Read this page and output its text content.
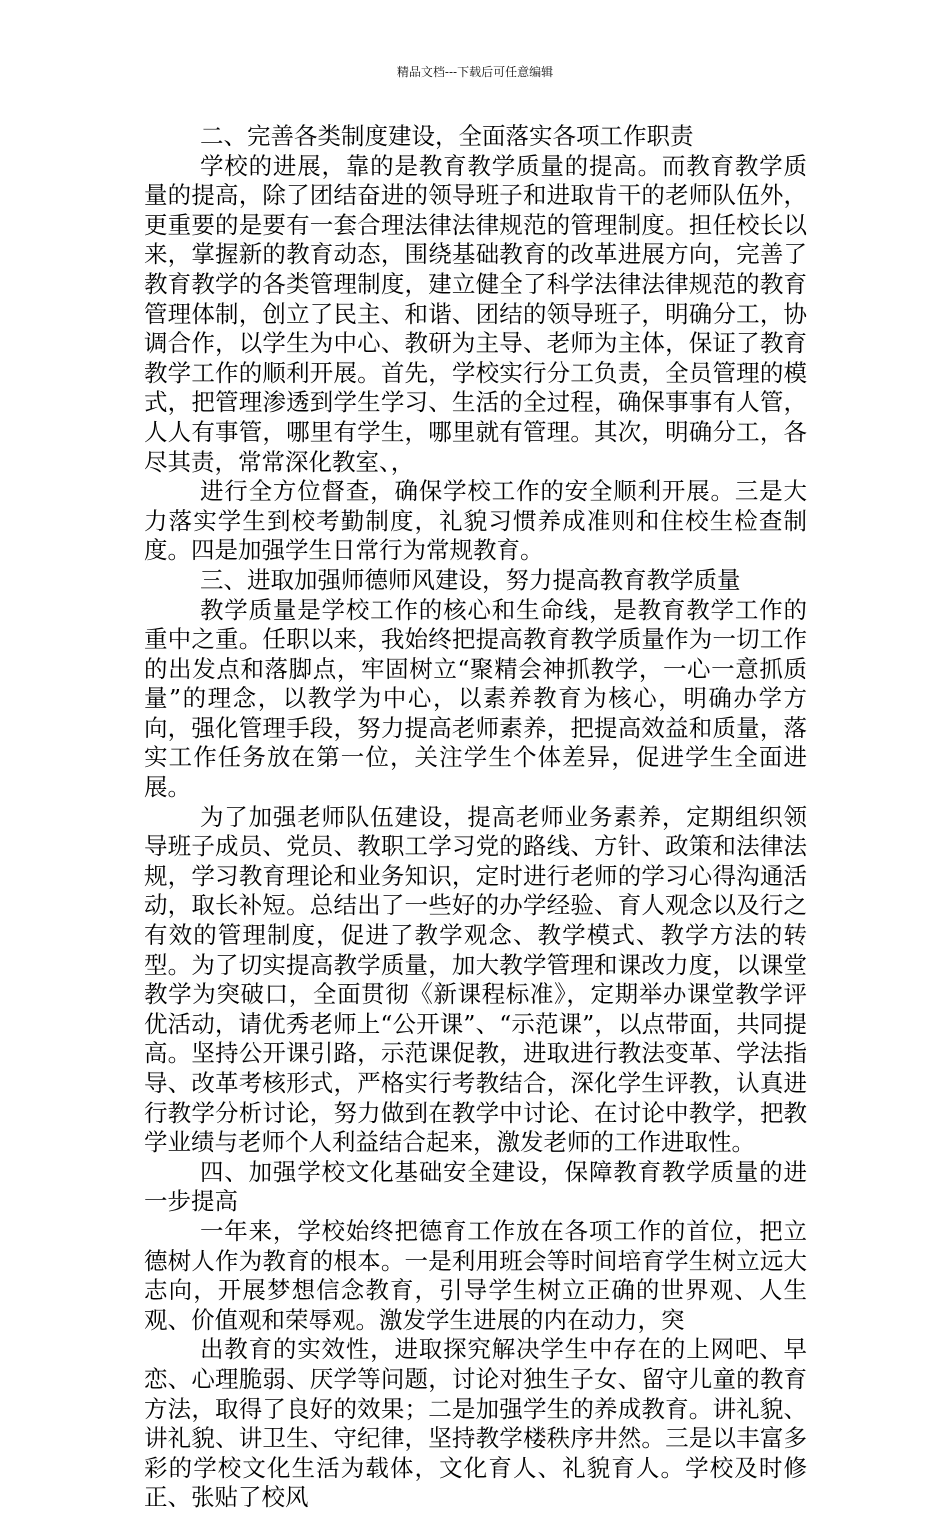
精品文档---下载后可任意编辑

二、完善各类制度建设，全面落实各项工作职责

学校的进展，靠的是教育教学质量的提高。而教育教学质量的提高，除了团结奋进的领导班子和进取肯干的老师队伍外，更重要的是要有一套合理法律法律规范的管理制度。担任校长以来，掌握新的教育动态，围绕基础教育的改革进展方向，完善了教育教学的各类管理制度，建立健全了科学法律法律规范的教育管理体制，创立了民主、和谐、团结的领导班子，明确分工，协调合作，以学生为中心、教研为主导、老师为主体，保证了教育教学工作的顺利开展。首先，学校实行分工负责，全员管理的模式，把管理渗透到学生学习、生活的全过程，确保事事有人管，人人有事管，哪里有学生，哪里就有管理。其次，明确分工，各尽其责，常常深化教室、，

进行全方位督查，确保学校工作的安全顺利开展。三是大力落实学生到校考勤制度，礼貌习惯养成准则和住校生检查制度。四是加强学生日常行为常规教育。

三、进取加强师德师风建设，努力提高教育教学质量

教学质量是学校工作的核心和生命线，是教育教学工作的重中之重。任职以来，我始终把提高教育教学质量作为一切工作的出发点和落脚点，牢固树立“聚精会神抓教学，一心一意抓质量”的理念，以教学为中心，以素养教育为核心，明确办学方向，强化管理手段，努力提高老师素养，把提高效益和质量，落实工作任务放在第一位，关注学生个体差异，促进学生全面进展。

为了加强老师队伍建设，提高老师业务素养，定期组织领导班子成员、党员、教职工学习党的路线、方针、政策和法律法规，学习教育理论和业务知识，定时进行老师的学习心得沟通活动，取长补短。总结出了一些好的办学经验、育人观念以及行之有效的管理制度，促进了教学观念、教学模式、教学方法的转型。为了切实提高教学质量，加大教学管理和课改力度，以课堂教学为突破口，全面贯彻《新课程标准》，定期举办课堂教学评优活动，请优秀老师上“公开课”、“示范课”，以点带面，共同提高。坚持公开课引路，示范课促教，进取进行教法变革、学法指导、改革考核形式，严格实行考教结合，深化学生评教，认真进行教学分析讨论，努力做到在教学中讨论、在讨论中教学，把教学业绩与老师个人利益结合起来，激发老师的工作进取性。

四、加强学校文化基础安全建设，保障教育教学质量的进一步提高

一年来，学校始终把德育工作放在各项工作的首位，把立德树人作为教育的根本。一是利用班会等时间培育学生树立远大志向，开展梦想信念教育，引导学生树立正确的世界观、人生观、价值观和荣辱观。激发学生进展的内在动力，突

出教育的实效性，进取探究解决学生中存在的上网吧、早恋、心理脆弱、厌学等问题，讨论对独生子女、留守儿童的教育方法，取得了良好的效果；二是加强学生的养成教育。讲礼貌、讲礼貌、讲卫生、守纪律，坚持教学楼秩序井然。三是以丰富多彩的学校文化生活为载体，文化育人、礼貌育人。学校及时修正、张贴了校风
